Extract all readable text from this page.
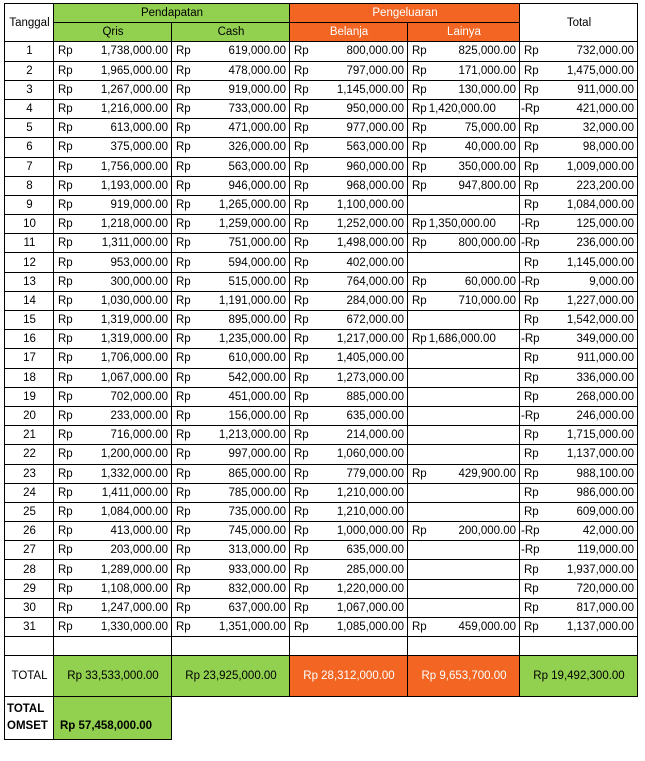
Tanggal	Pendapatan		Pengeluaran		Total
	Qris	Cash	Belanja	Lainya	
1	Rp 1,738,000.00	Rp 619,000.00	Rp 800,000.00	Rp 825,000.00	Rp 732,000.00

2	Rp 1,965,000.00	Rp 478,000.00	Rp 797,000.00	Rp 171,000.00	Rp 1,475,000.00

3	Rp 1,267,000.00	Rp 919,000.00	Rp 1,145,000.00	Rp 130,000.00	Rp 911,000.00

4	Rp 1,216,000.00	Rp 733,000.00	Rp 950,000.00	Rp 1,420,000.00	- Rp 421,000.00

5	Rp 613,000.00	Rp 471,000.00	Rp 977,000.00	Rp 75,000.00	Rp 32,000.00

6	Rp 375,000.00	Rp 326,000.00	Rp 563,000.00	Rp 40,000.00	Rp 98,000.00

7	Rp 1,756,000.00	Rp 563,000.00	Rp 960,000.00	Rp 350,000.00	Rp 1,009,000.00

8	Rp 1,193,000.00	Rp 946,000.00	Rp 968,000.00	Rp 947,800.00	Rp 223,200.00

9	Rp 919,000.00	Rp 1,265,000.00	Rp 1,100,000.00		Rp 1,084,000.00

10	Rp 1,218,000.00	Rp 1,259,000.00	Rp 1,252,000.00	Rp 1,350,000.00	- Rp 125,000.00

11	Rp 1,311,000.00	Rp 751,000.00	Rp 1,498,000.00	Rp 800,000.00	- Rp 236,000.00

12	Rp 953,000.00	Rp 594,000.00	Rp 402,000.00		Rp 1,145,000.00

13	Rp 300,000.00	Rp 515,000.00	Rp 764,000.00	Rp 60,000.00	- Rp 9,000.00

14	Rp 1,030,000.00	Rp 1,191,000.00	Rp 284,000.00	Rp 710,000.00	Rp 1,227,000.00

15	Rp 1,319,000.00	Rp 895,000.00	Rp 672,000.00		Rp 1,542,000.00

16	Rp 1,319,000.00	Rp 1,235,000.00	Rp 1,217,000.00	Rp 1,686,000.00	- Rp 349,000.00

17	Rp 1,706,000.00	Rp 610,000.00	Rp 1,405,000.00		Rp 911,000.00

18	Rp 1,067,000.00	Rp 542,000.00	Rp 1,273,000.00		Rp 336,000.00

19	Rp 702,000.00	Rp 451,000.00	Rp 885,000.00		Rp 268,000.00

20	Rp 233,000.00	Rp 156,000.00	Rp 635,000.00		- Rp 246,000.00

21	Rp 716,000.00	Rp 1,213,000.00	Rp 214,000.00		Rp 1,715,000.00

22	Rp 1,200,000.00	Rp 997,000.00	Rp 1,060,000.00		Rp 1,137,000.00

23	Rp 1,332,000.00	Rp 865,000.00	Rp 779,000.00	Rp 429,900.00	Rp 988,100.00

24	Rp 1,411,000.00	Rp 785,000.00	Rp 1,210,000.00		Rp 986,000.00

25	Rp 1,084,000.00	Rp 735,000.00	Rp 1,210,000.00		Rp 609,000.00

26	Rp 413,000.00	Rp 745,000.00	Rp 1,000,000.00	Rp 200,000.00	- Rp 42,000.00

27	Rp 203,000.00	Rp 313,000.00	Rp 635,000.00		- Rp 119,000.00

28	Rp 1,289,000.00	Rp 933,000.00	Rp 285,000.00		Rp 1,937,000.00

29	Rp 1,108,000.00	Rp 832,000.00	Rp 1,220,000.00		Rp 720,000.00

30	Rp 1,247,000.00	Rp 637,000.00	Rp 1,067,000.00		Rp 817,000.00

31	Rp 1,330,000.00	Rp 1,351,000.00	Rp 1,085,000.00	Rp 459,000.00	Rp 1,137,000.00

TOTAL	Rp 33,533,000.00	Rp 23,925,000.00	Rp 28,312,000.00	Rp 9,653,700.00	Rp 19,492,300.00
TOTAL
OMSET	Rp 57,458,000.00				
